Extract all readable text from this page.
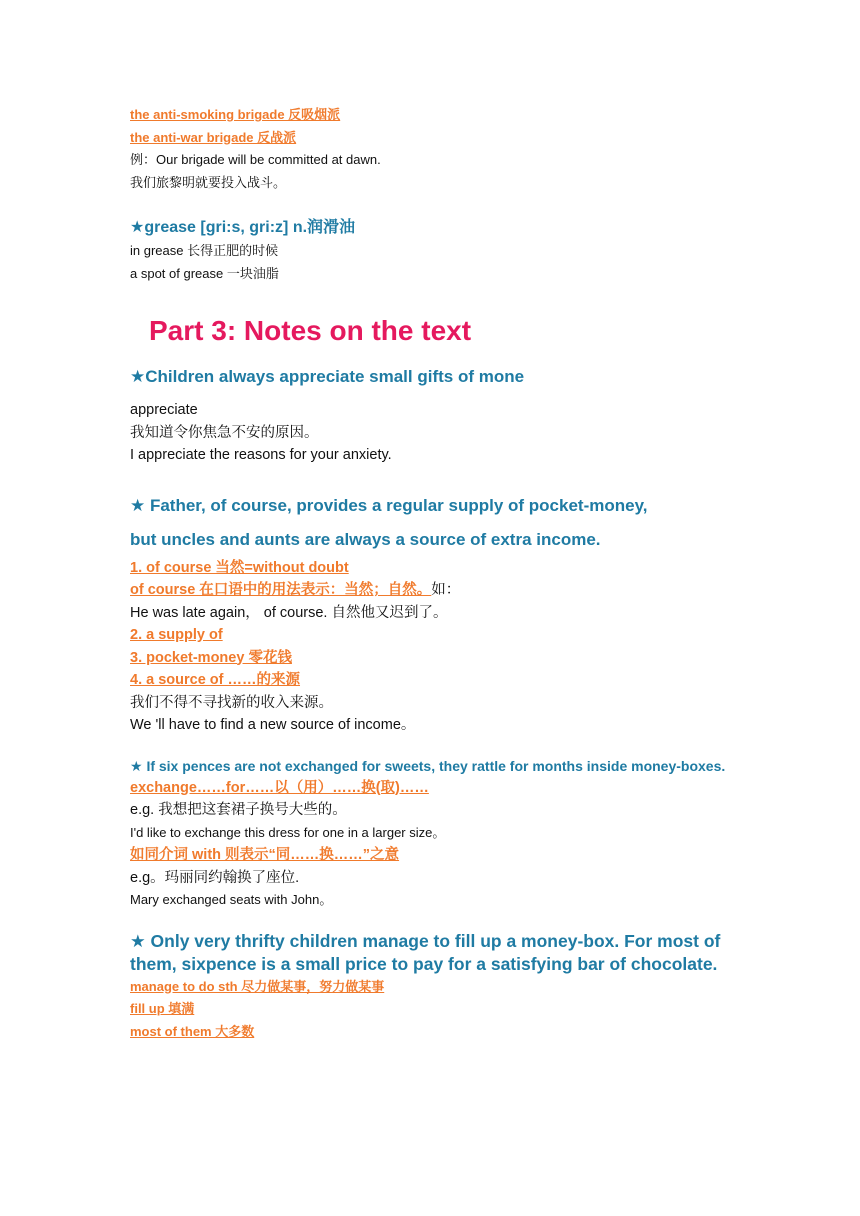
the anti-smoking brigade 反吸烟派
the anti-war brigade 反战派
例：Our brigade will be committed at dawn.
我们旅黎明就要投入战斗。
★grease [gri:s, gri:z] n.润滑油
in grease 长得正肥的时候
a spot of grease 一块油脂
Part 3: Notes on the text
★Children always appreciate small gifts of mone
appreciate
我知道令你焦急不安的原因。
I appreciate the reasons for your anxiety.
★ Father, of course, provides a regular supply of pocket-money,
but uncles and aunts are always a source of extra income.
1. of course 当然=without doubt
of course 在口语中的用法表示：当然；自然。如：
He was late again， of course. 自然他又迟到了。
2. a supply of
3. pocket-money 零花钱
4. a source of ……的来源
我们不得不寻找新的收入来源。
We 'll have to find a new source of income。
★ If six pences are not exchanged for sweets, they rattle for months inside money-boxes.
exchange……for……以（用）……换(取)……
e.g. 我想把这套裙子换号大些的。
I'd like to exchange this dress for one in a larger size。
如同介词 with 则表示“同……换……”之意
e.g。玛丽同约翰换了座位.
Mary exchanged seats with John。
★ Only very thrifty children manage to fill up a money-box. For most of them, sixpence is a small price to pay for a satisfying bar of chocolate.
manage to do sth 尽力做某事，努力做某事
fill up 填满
most of them 大多数
